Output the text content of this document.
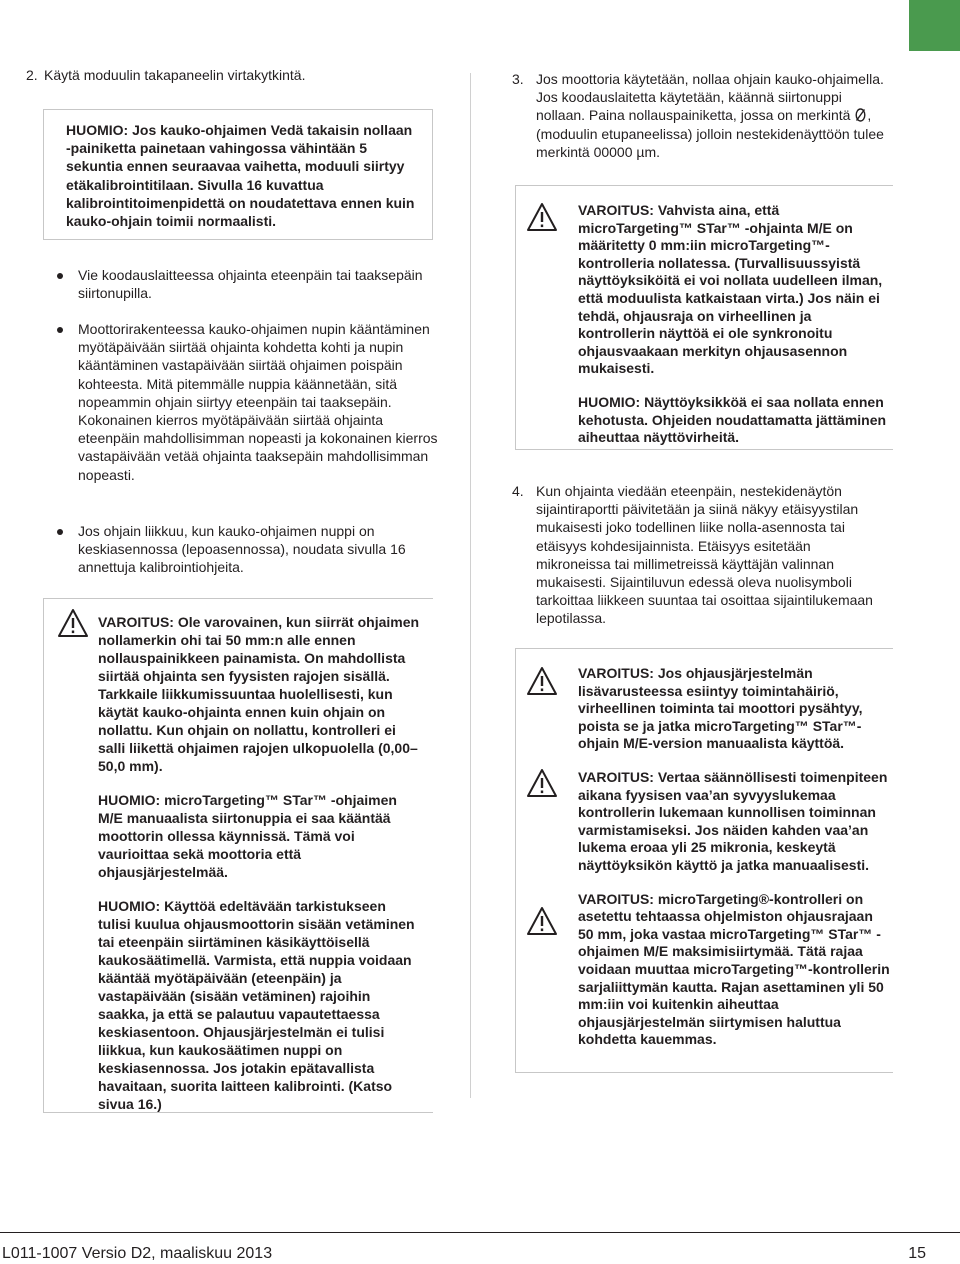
2. Käytä moduulin takapaneelin virtakytkintä.

HUOMIO: Jos kauko-ohjaimen Vedä takaisin nollaan -painiketta painetaan vahingossa vähintään 5 sekuntia ennen seuraavaa vaihetta, moduuli siirtyy etäkalibrointitilaan. Sivulla 16 kuvattua kalibrointitoimenpidettä on noudatettava ennen kuin kauko-ohjain toimii normaalisti.

Vie koodauslaitteessa ohjainta eteenpäin tai taaksepäin siirtonupilla.

Moottorirakenteessa kauko-ohjaimen nupin kääntäminen myötäpäivään siirtää ohjainta kohdetta kohti ja nupin kääntäminen vastapäivään siirtää ohjaimen poispäin kohteesta. Mitä pitemmälle nuppia käännetään, sitä nopeammin ohjain siirtyy eteenpäin tai taaksepäin. Kokonainen kierros myötäpäivään siirtää ohjainta eteenpäin mahdollisimman nopeasti ja kokonainen kierros vastapäivään vetää ohjainta taaksepäin mahdollisimman nopeasti.

Jos ohjain liikkuu, kun kauko-ohjaimen nuppi on keskiasennossa (lepoasennossa), noudata sivulla 16 annettuja kalibrointiohjeita.

VAROITUS: Ole varovainen, kun siirrät ohjaimen nollamerkin ohi tai 50 mm:n alle ennen nollauspainikkeen painamista. On mahdollista siirtää ohjainta sen fyysisten rajojen sisällä. Tarkkaile liikkumissuuntaa huolellisesti, kun käytät kauko-ohjainta ennen kuin ohjain on nollattu. Kun ohjain on nollattu, kontrolleri ei salli liikettä ohjaimen rajojen ulkopuolella (0,00–50,0 mm).

HUOMIO: microTargeting™ STar™ -ohjaimen M/E manuaalista siirtonuppia ei saa kääntää moottorin ollessa käynnissä. Tämä voi vaurioittaa sekä moottoria että ohjausjärjestelmää.

HUOMIO: Käyttöä edeltävään tarkistukseen tulisi kuulua ohjausmoottorin sisään vetäminen tai eteenpäin siirtäminen käsikäyttöisellä kaukosäätimellä. Varmista, että nuppia voidaan kääntää myötäpäivään (eteenpäin) ja vastapäivään (sisään vetäminen) rajoihin saakka, ja että se palautuu vapautettaessa keskiasentoon. Ohjausjärjestelmän ei tulisi liikkua, kun kaukosäätimen nuppi on keskiasennossa. Jos jotakin epätavallista havaitaan, suorita laitteen kalibrointi. (Katso sivua 16.)

3. Jos moottoria käytetään, nollaa ohjain kauko-ohjaimella. Jos koodauslaitetta käytetään, käännä siirtonuppi nollaan. Paina nollauspainiketta, jossa on merkintä , (moduulin etupaneelissa) jolloin nestekidenäyttöön tulee merkintä 00000 µm.

VAROITUS: Vahvista aina, että microTargeting™ STar™ -ohjainta M/E on määritetty 0 mm:iin microTargeting™-kontrolleria nollatessa. (Turvallisuussyistä näyttöyksiköitä ei voi nollata uudelleen ilman, että moduulista katkaistaan virta.) Jos näin ei tehdä, ohjausraja on virheellinen ja kontrollerin näyttöä ei ole synkronoitu ohjausvaakaan merkityn ohjausasennon mukaisesti.

HUOMIO: Näyttöyksikköä ei saa nollata ennen kehotusta. Ohjeiden noudattamatta jättäminen aiheuttaa näyttövirheitä.

4. Kun ohjainta viedään eteenpäin, nestekidenäytön sijaintiraportti päivitetään ja siinä näkyy etäisyystilan mukaisesti joko todellinen liike nolla-asennosta tai etäisyys kohdesijainnista. Etäisyys esitetään mikroneissa tai millimetreissä käyttäjän valinnan mukaisesti. Sijaintiluvun edessä oleva nuolisymboli tarkoittaa liikkeen suuntaa tai osoittaa sijaintilukemaan lepotilassa.

VAROITUS: Jos ohjausjärjestelmän lisävarusteessa esiintyy toimintahäiriö, virheellinen toiminta tai moottori pysähtyy, poista se ja jatka microTargeting™ STar™-ohjain M/E-version manuaalista käyttöä.

VAROITUS: Vertaa säännöllisesti toimenpiteen aikana fyysisen vaa’an syvyyslukemaa kontrollerin lukemaan kunnollisen toiminnan varmistamiseksi. Jos näiden kahden vaa’an lukema eroaa yli 25 mikronia, keskeytä näyttöyksikön käyttö ja jatka manuaalisesti.

VAROITUS: microTargeting®-kontrolleri on asetettu tehtaassa ohjelmiston ohjausrajaan 50 mm, joka vastaa microTargeting™ STar™ -ohjaimen M/E maksimisiirtymää. Tätä rajaa voidaan muuttaa microTargeting™-kontrollerin sarjaliittymän kautta. Rajan asettaminen yli 50 mm:iin voi kuitenkin aiheuttaa ohjausjärjestelmän siirtymisen haluttua kohdetta kauemmas.

L011-1007 Versio D2, maaliskuu 2013	15
